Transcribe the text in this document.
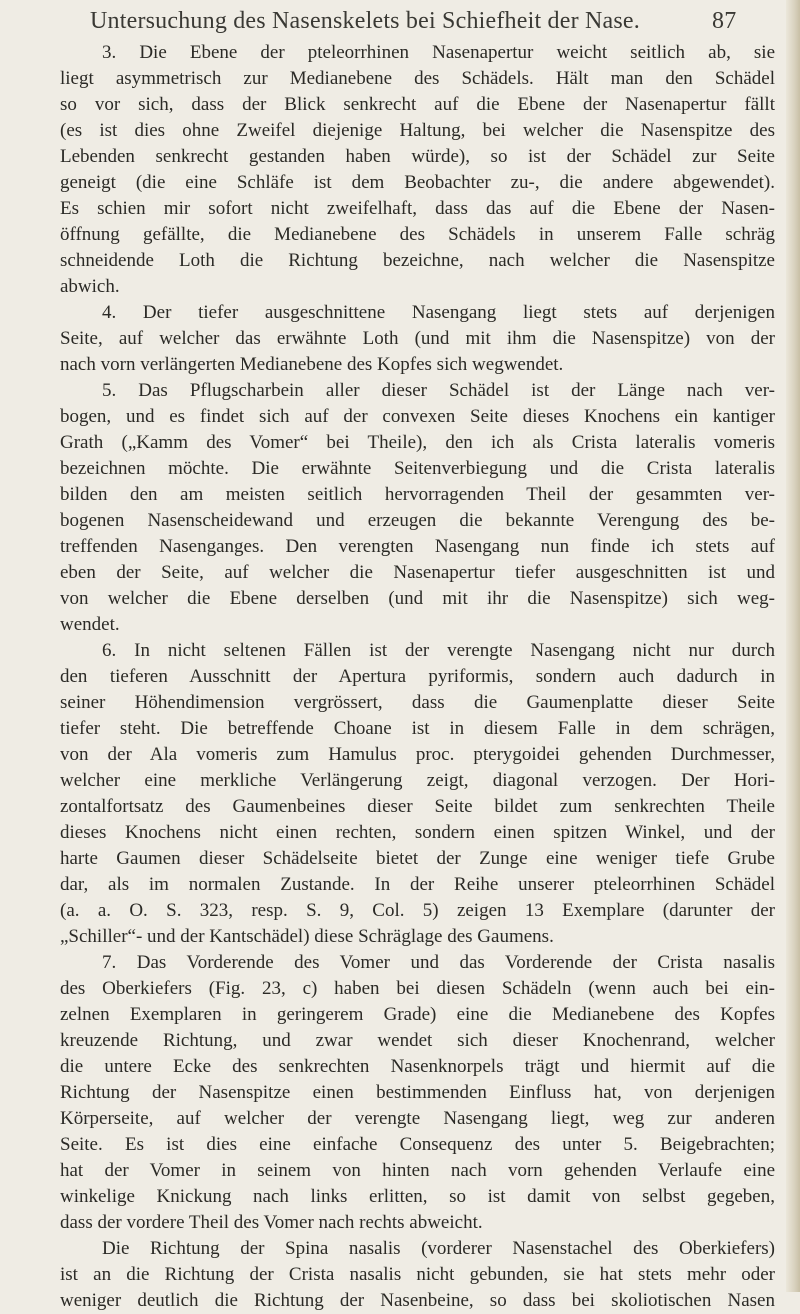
Untersuchung des Nasenskelets bei Schiefheit der Nase.	87
3. Die Ebene der pteleorrhinen Nasenapertur weicht seitlich ab, sie
liegt asymmetrisch zur Medianebene des Schädels. Hält man den Schädel
so vor sich, dass der Blick senkrecht auf die Ebene der Nasenapertur fällt
(es ist dies ohne Zweifel diejenige Haltung, bei welcher die Nasenspitze des
Lebenden senkrecht gestanden haben würde), so ist der Schädel zur Seite
geneigt (die eine Schläfe ist dem Beobachter zu-, die andere abgewendet).
Es schien mir sofort nicht zweifelhaft, dass das auf die Ebene der Nasen-
öffnung gefällte, die Medianebene des Schädels in unserem Falle schräg
schneidende Loth die Richtung bezeichne, nach welcher die Nasenspitze
abwich.
4. Der tiefer ausgeschnittene Nasengang liegt stets auf derjenigen
Seite, auf welcher das erwähnte Loth (und mit ihm die Nasenspitze) von der
nach vorn verlängerten Medianebene des Kopfes sich wegwendet.
5. Das Pflugscharbein aller dieser Schädel ist der Länge nach ver-
bogen, und es findet sich auf der convexen Seite dieses Knochens ein kantiger
Grath („Kamm des Vomer“ bei Theile), den ich als Crista lateralis vomeris
bezeichnen möchte. Die erwähnte Seitenverbiegung und die Crista lateralis
bilden den am meisten seitlich hervorragenden Theil der gesammten ver-
bogenen Nasenscheidewand und erzeugen die bekannte Verengung des be-
treffenden Nasenganges. Den verengten Nasengang nun finde ich stets auf
eben der Seite, auf welcher die Nasenapertur tiefer ausgeschnitten ist und
von welcher die Ebene derselben (und mit ihr die Nasenspitze) sich weg-
wendet.
6. In nicht seltenen Fällen ist der verengte Nasengang nicht nur durch
den tieferen Ausschnitt der Apertura pyriformis, sondern auch dadurch in
seiner Höhendimension vergrössert, dass die Gaumenplatte dieser Seite
tiefer steht. Die betreffende Choane ist in diesem Falle in dem schrägen,
von der Ala vomeris zum Hamulus proc. pterygoidei gehenden Durchmesser,
welcher eine merkliche Verlängerung zeigt, diagonal verzogen. Der Hori-
zontalfortsatz des Gaumenbeines dieser Seite bildet zum senkrechten Theile
dieses Knochens nicht einen rechten, sondern einen spitzen Winkel, und der
harte Gaumen dieser Schädelseite bietet der Zunge eine weniger tiefe Grube
dar, als im normalen Zustande. In der Reihe unserer pteleorrhinen Schädel
(a. a. O. S. 323, resp. S. 9, Col. 5) zeigen 13 Exemplare (darunter der
„Schiller“- und der Kantschädel) diese Schräglage des Gaumens.
7. Das Vorderende des Vomer und das Vorderende der Crista nasalis
des Oberkiefers (Fig. 23, c) haben bei diesen Schädeln (wenn auch bei ein-
zelnen Exemplaren in geringerem Grade) eine die Medianebene des Kopfes
kreuzende Richtung, und zwar wendet sich dieser Knochenrand, welcher
die untere Ecke des senkrechten Nasenknorpels trägt und hiermit auf die
Richtung der Nasenspitze einen bestimmenden Einfluss hat, von derjenigen
Körperseite, auf welcher der verengte Nasengang liegt, weg zur anderen
Seite. Es ist dies eine einfache Consequenz des unter 5. Beigebrachten;
hat der Vomer in seinem von hinten nach vorn gehenden Verlaufe eine
winkelige Knickung nach links erlitten, so ist damit von selbst gegeben,
dass der vordere Theil des Vomer nach rechts abweicht.
Die Richtung der Spina nasalis (vorderer Nasenstachel des Oberkiefers)
ist an die Richtung der Crista nasalis nicht gebunden, sie hat stets mehr oder
weniger deutlich die Richtung der Nasenbeine, so dass bei skoliotischen Nasen
